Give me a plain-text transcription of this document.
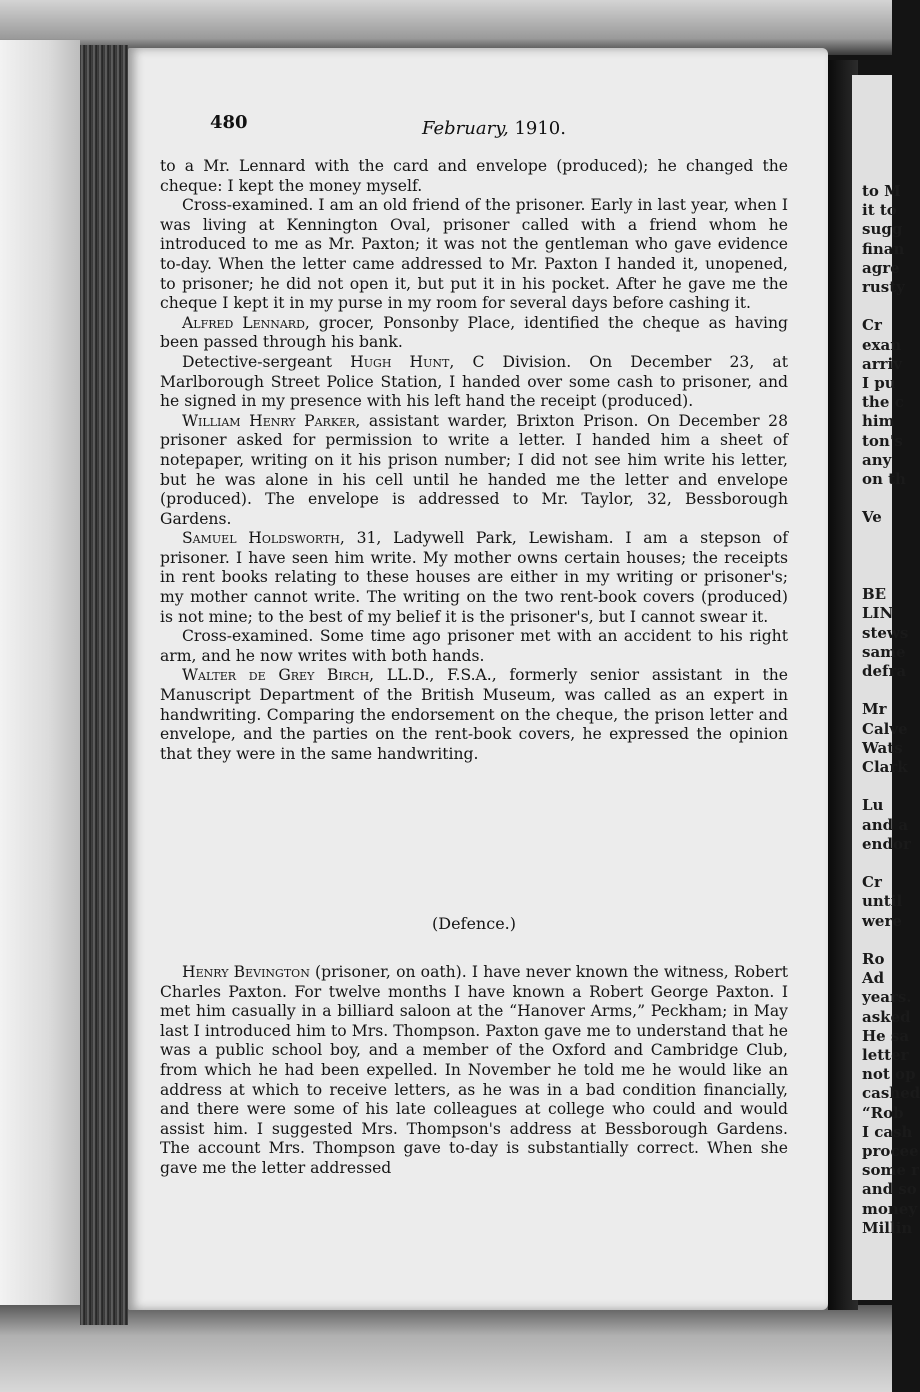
to M
it to
sugg
finan
agre
rusty
Cr
exan
arriv
I pu
the c
him
ton's
any
on th
Ve
BE
LIN
stews
same
defra
Mr
Calve
Wats
Clark
Lu
and a
endor
Cr
until
were
Ro
Ad
years.
asked
He sa
letter
not op
cashed
“Rob
I cash
procee
some r
and so
money
Millin
480	February, 1910.

to a Mr. Lennard with the card and envelope (produced); he changed the cheque: I kept the money myself.

Cross-examined. I am an old friend of the prisoner. Early in last year, when I was living at Kennington Oval, prisoner called with a friend whom he introduced to me as Mr. Paxton; it was not the gentleman who gave evidence to-day. When the letter came addressed to Mr. Paxton I handed it, unopened, to prisoner; he did not open it, but put it in his pocket. After he gave me the cheque I kept it in my purse in my room for several days before cashing it.

Alfred Lennard, grocer, Ponsonby Place, identified the cheque as having been passed through his bank.

Detective-sergeant Hugh Hunt, C Division. On December 23, at Marlborough Street Police Station, I handed over some cash to prisoner, and he signed in my presence with his left hand the receipt (produced).

William Henry Parker, assistant warder, Brixton Prison. On December 28 prisoner asked for permission to write a letter. I handed him a sheet of notepaper, writing on it his prison number; I did not see him write his letter, but he was alone in his cell until he handed me the letter and envelope (produced). The envelope is addressed to Mr. Taylor, 32, Bessborough Gardens.

Samuel Holdsworth, 31, Ladywell Park, Lewisham. I am a stepson of prisoner. I have seen him write. My mother owns certain houses; the receipts in rent books relating to these houses are either in my writing or prisoner's; my mother cannot write. The writing on the two rent-book covers (produced) is not mine; to the best of my belief it is the prisoner's, but I cannot swear it.

Cross-examined. Some time ago prisoner met with an accident to his right arm, and he now writes with both hands.

Walter de Grey Birch, LL.D., F.S.A., formerly senior assistant in the Manuscript Department of the British Museum, was called as an expert in handwriting. Comparing the endorsement on the cheque, the prison letter and envelope, and the parties on the rent-book covers, he expressed the opinion that they were in the same handwriting.

(Defence.)

Henry Bevington (prisoner, on oath). I have never known the witness, Robert Charles Paxton. For twelve months I have known a Robert George Paxton. I met him casually in a billiard saloon at the “Hanover Arms,” Peckham; in May last I introduced him to Mrs. Thompson. Paxton gave me to understand that he was a public school boy, and a member of the Oxford and Cambridge Club, from which he had been expelled. In November he told me he would like an address at which to receive letters, as he was in a bad condition financially, and there were some of his late colleagues at college who could and would assist him. I suggested Mrs. Thompson's address at Bessborough Gardens. The account Mrs. Thompson gave to-day is substantially correct. When she gave me the letter addressed
